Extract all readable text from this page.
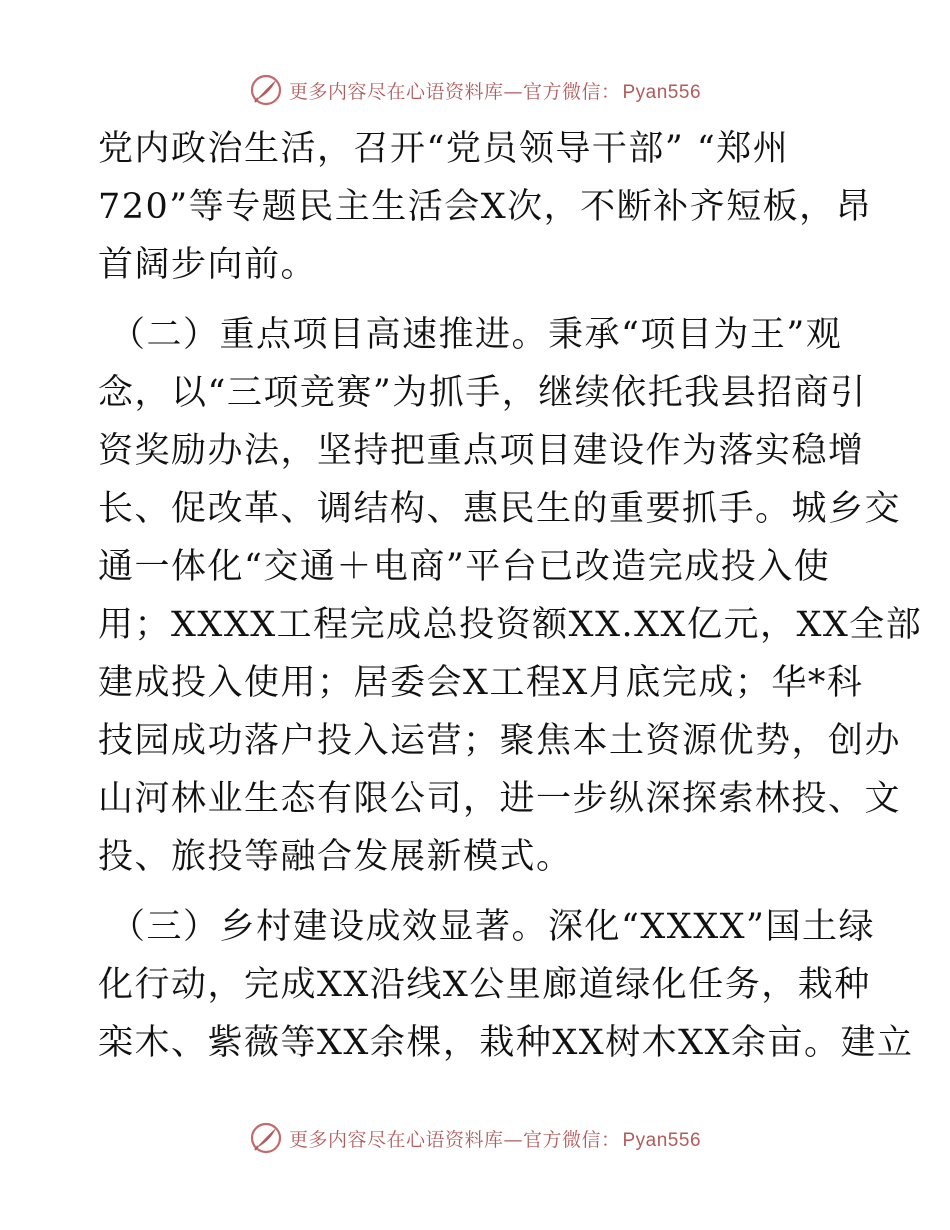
更多内容尽在心语资料库—官方微信： Pyan556
党内政治生活，召开“党员领导干部” “郑州
720”等专题民主生活会X次，不断补齐短板，昂
首阔步向前。
（二）重点项目高速推进。秉承“项目为王”观
念，以“三项竞赛”为抓手，继续依托我县招商引
资奖励办法，坚持把重点项目建设作为落实稳增
长、促改革、调结构、惠民生的重要抓手。城乡交
通一体化“交通＋电商”平台已改造完成投入使
用；XXXX工程完成总投资额XX.XX亿元，XX全部
建成投入使用；居委会X工程X月底完成；华*科
技园成功落户投入运营；聚焦本土资源优势，创办
山河林业生态有限公司，进一步纵深探索林投、文
投、旅投等融合发展新模式。
（三）乡村建设成效显著。深化“XXXX”国土绿
化行动，完成XX沿线X公里廊道绿化任务，栽种
栾木、紫薇等XX余棵，栽种XX树木XX余亩。建立
更多内容尽在心语资料库—官方微信： Pyan556
